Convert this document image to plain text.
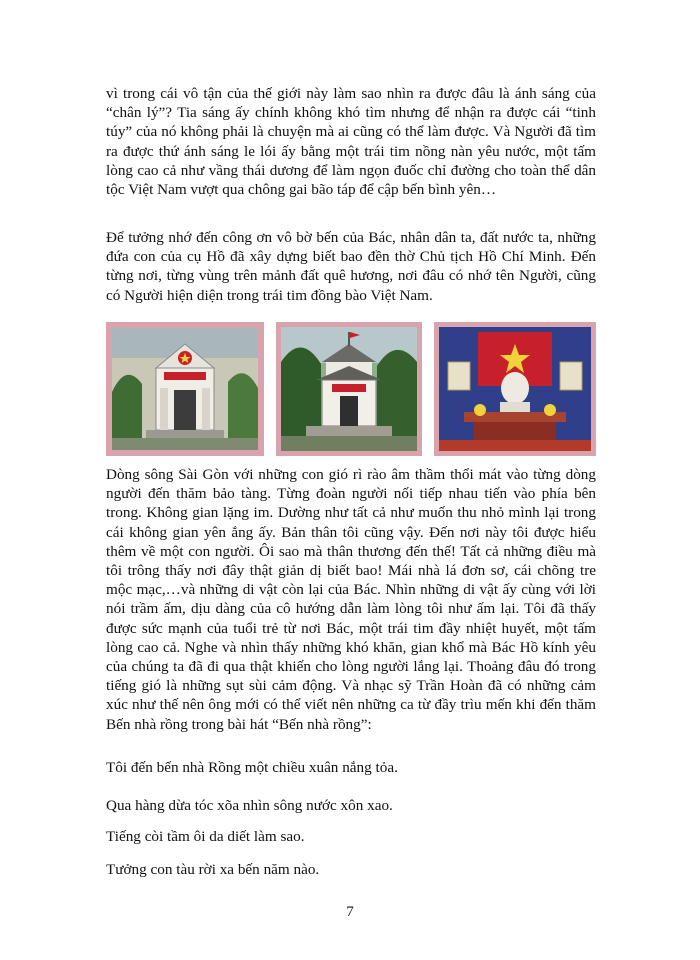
vì trong cái vô tận của thế giới này làm sao nhìn ra được đâu là ánh sáng của “chân lý”? Tia sáng ấy chính không khó tìm nhưng để nhận ra được cái “tinh túy” của nó không phải là chuyện mà ai cũng có thể làm được. Và Người đã tìm ra được thứ ánh sáng le lói ấy bằng một trái tim nồng nàn yêu nước, một tấm lòng cao cả như vầng thái dương để làm ngọn đuốc chỉ đường cho toàn thể dân tộc Việt Nam vượt qua chông gai bão táp để cập bến bình yên…

Để tưởng nhớ đến công ơn vô bờ bến của Bác, nhân dân ta, đất nước ta, những đứa con của cụ Hồ đã xây dựng biết bao đền thờ Chủ tịch Hồ Chí Minh. Đến từng nơi, từng vùng trên mảnh đất quê hương, nơi đâu có nhớ tên Người, cũng có Người hiện diện trong trái tim đồng bào Việt Nam.

Dòng sông Sài Gòn với những con gió rì rào âm thầm thổi mát vào từng dòng người đến thăm bảo tàng. Từng đoàn người nối tiếp nhau tiến vào phía bên trong. Không gian lặng im. Dường như tất cả như muốn thu nhỏ mình lại trong cái không gian yên ắng ấy. Bản thân tôi cũng vậy. Đến nơi này tôi được hiểu thêm về một con người. Ôi sao mà thân thương đến thế! Tất cả những điều mà tôi trông thấy nơi đây thật giản dị biết bao! Mái nhà lá đơn sơ, cái chõng tre mộc mạc,…và những di vật còn lại của Bác. Nhìn những di vật ấy cùng với lời nói trầm ấm, dịu dàng của cô hướng dẫn làm lòng tôi như ấm lại. Tôi đã thấy được sức mạnh của tuổi trẻ từ nơi Bác, một trái tim đầy nhiệt huyết, một tấm lòng cao cả. Nghe và nhìn thấy những khó khăn, gian khổ mà Bác Hồ kính yêu của chúng ta đã đi qua thật khiến cho lòng người lắng lại. Thoảng đâu đó trong tiếng gió là những sụt sùi cảm động. Và nhạc sỹ Trần Hoàn đã có những cảm xúc như thế nên ông mới có thể viết nên những ca từ đầy trìu mến khi đến thăm Bến nhà rồng trong bài hát “Bến nhà rồng”:

Tôi đến bến nhà Rồng một chiều xuân nắng tỏa.
Qua hàng dừa tóc xõa nhìn sông nước xôn xao.
Tiếng còi tầm ôi da diết làm sao.
Tưởng con tàu rời xa bến năm nào.
7
